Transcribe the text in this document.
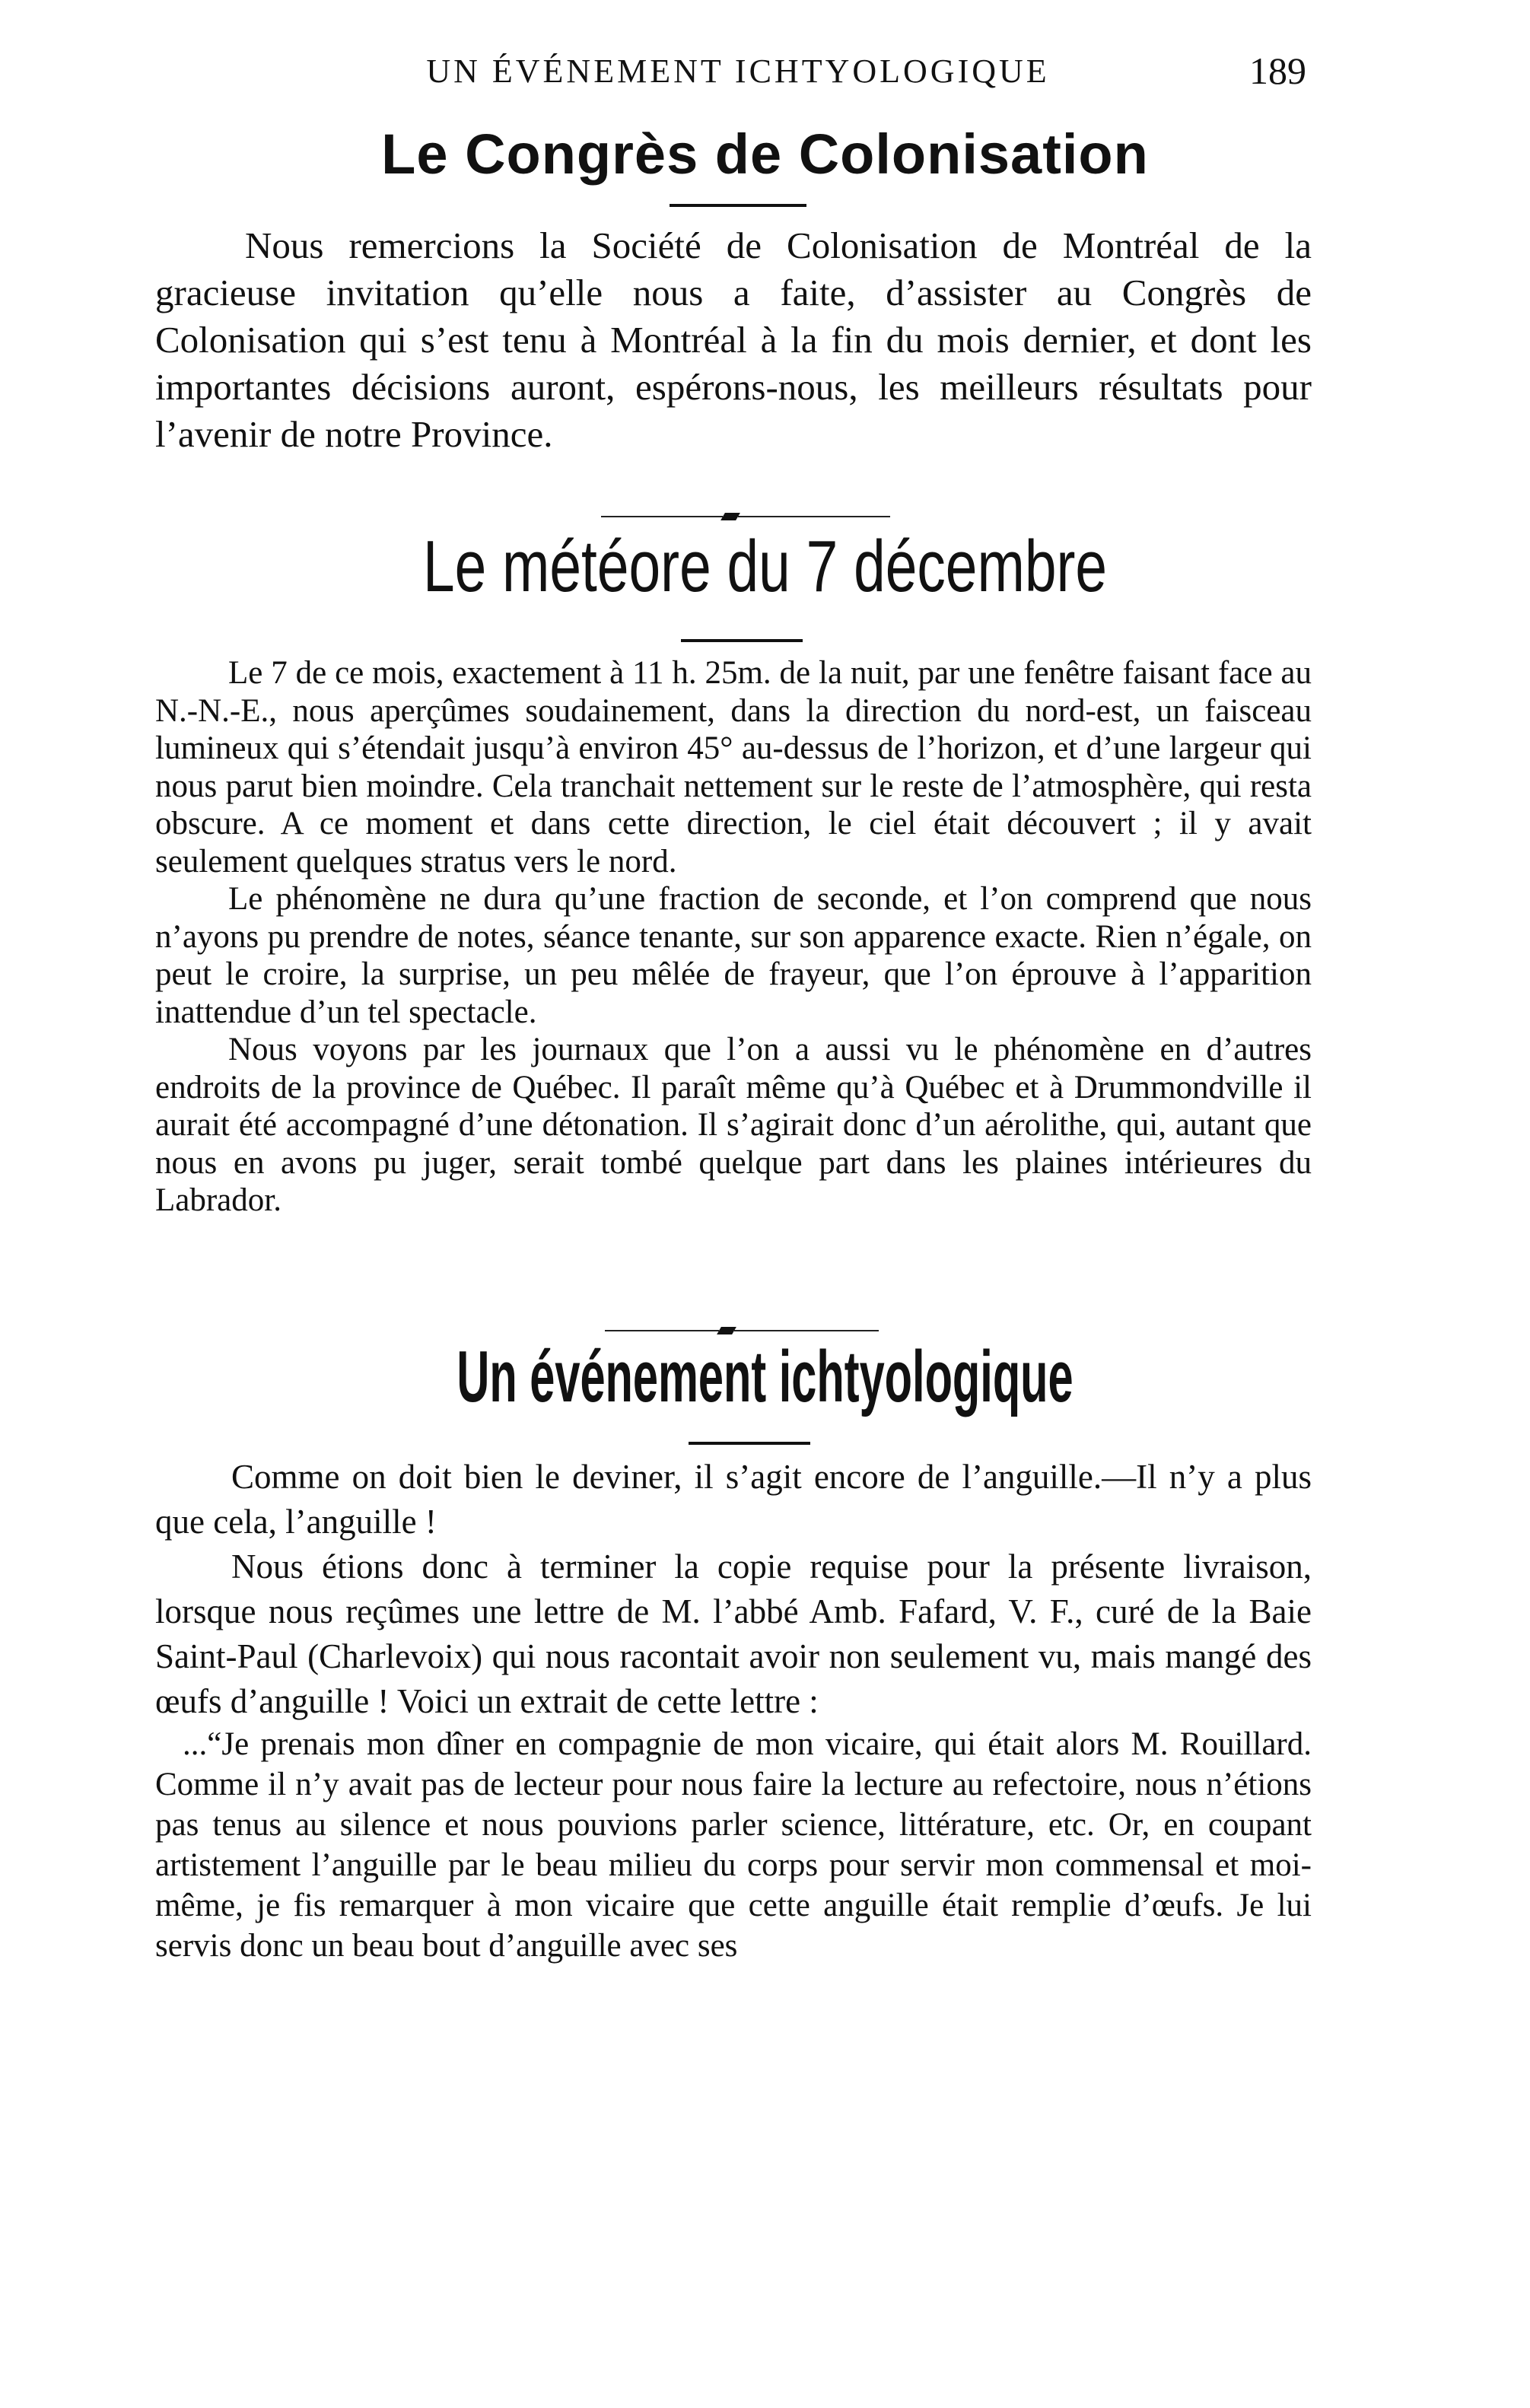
UN ÉVÉNEMENT ICHTYOLOGIQUE	189
Le Congrès de Colonisation

Nous remercions la Société de Colonisation de Montréal de la gracieuse invitation qu’elle nous a faite, d’assister au Congrès de Colonisation qui s’est tenu à Montréal à la fin du mois dernier, et dont les importantes décisions auront, espérons-nous, les meilleurs résultats pour l’avenir de notre Province.

Le météore du 7 décembre

Le 7 de ce mois, exactement à 11 h. 25m. de la nuit, par une fenêtre faisant face au N.-N.-E., nous aperçûmes soudainement, dans la direction du nord-est, un faisceau lumineux qui s’étendait jusqu’à environ 45° au-dessus de l’horizon, et d’une largeur qui nous parut bien moindre. Cela tranchait nettement sur le reste de l’atmosphère, qui resta obscure. A ce moment et dans cette direction, le ciel était découvert ; il y avait seulement quelques stratus vers le nord.

Le phénomène ne dura qu’une fraction de seconde, et l’on comprend que nous n’ayons pu prendre de notes, séance tenante, sur son apparence exacte. Rien n’égale, on peut le croire, la surprise, un peu mêlée de frayeur, que l’on éprouve à l’apparition inattendue d’un tel spectacle.

Nous voyons par les journaux que l’on a aussi vu le phénomène en d’autres endroits de la province de Québec. Il paraît même qu’à Québec et à Drummondville il aurait été accompagné d’une détonation. Il s’agirait donc d’un aérolithe, qui, autant que nous en avons pu juger, serait tombé quelque part dans les plaines intérieures du Labrador.

Un événement ichtyologique

Comme on doit bien le deviner, il s’agit encore de l’anguille.—Il n’y a plus que cela, l’anguille !

Nous étions donc à terminer la copie requise pour la présente livraison, lorsque nous reçûmes une lettre de M. l’abbé Amb. Fafard, V. F., curé de la Baie Saint-Paul (Charlevoix) qui nous racontait avoir non seulement vu, mais mangé des œufs d’anguille ! Voici un extrait de cette lettre :

...“Je prenais mon dîner en compagnie de mon vicaire, qui était alors M. Rouillard. Comme il n’y avait pas de lecteur pour nous faire la lecture au refectoire, nous n’étions pas tenus au silence et nous pouvions parler science, littérature, etc. Or, en coupant artistement l’anguille par le beau milieu du corps pour servir mon commensal et moi-même, je fis remarquer à mon vicaire que cette anguille était remplie d’œufs. Je lui servis donc un beau bout d’anguille avec ses
